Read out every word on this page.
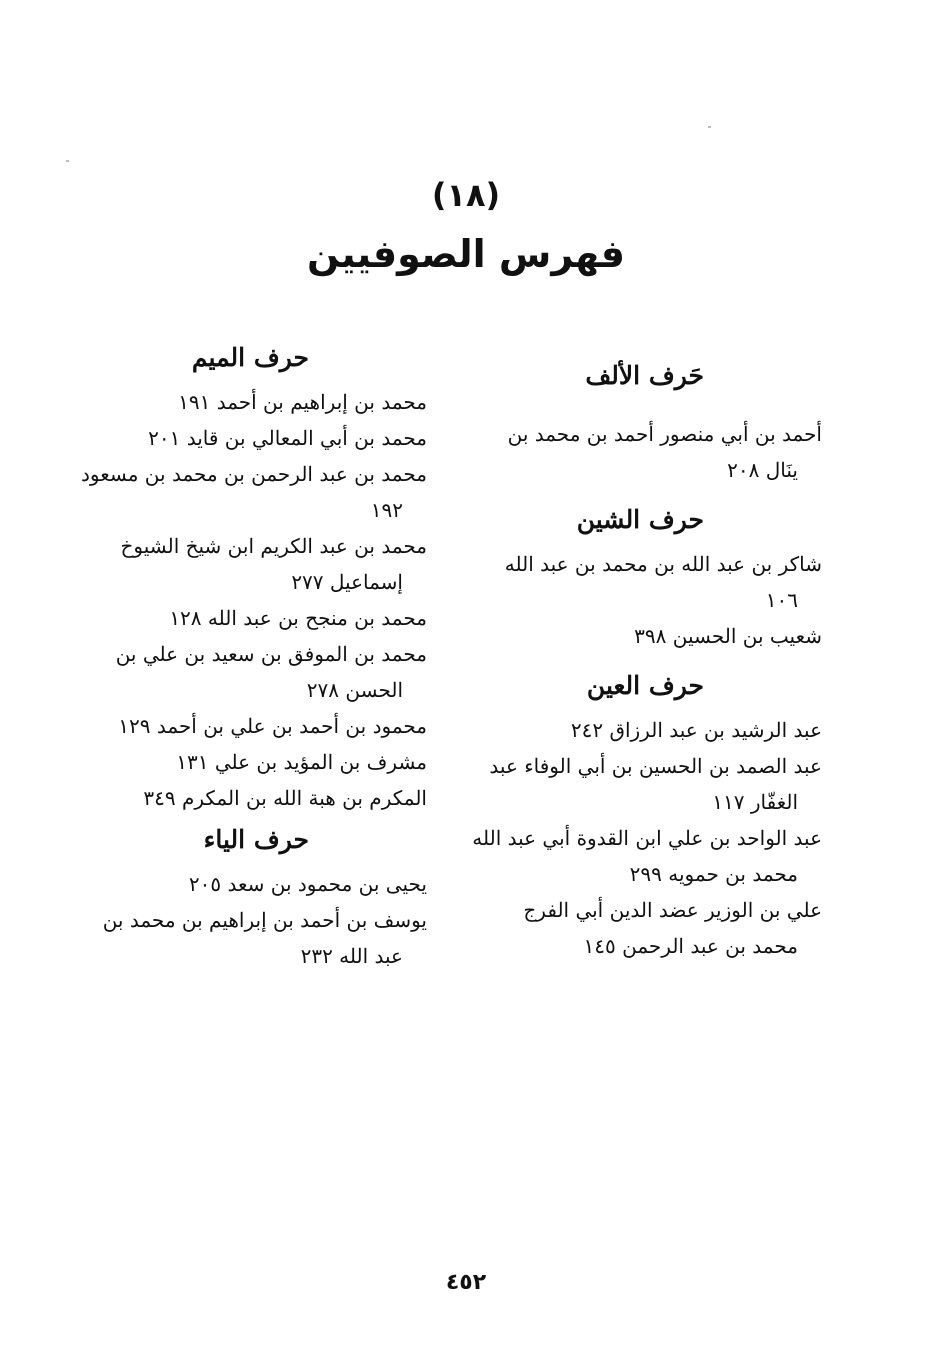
(١٨)
فهرس الصوفيين
حَرف الألف
أحمد بن أبي منصور أحمد بن محمد بن
ينَال ٢٠٨
حرف الشين
شاكر بن عبد الله بن محمد بن عبد الله
١٠٦
شعيب بن الحسين ٣٩٨
حرف العين
عبد الرشيد بن عبد الرزاق ٢٤٢
عبد الصمد بن الحسين بن أبي الوفاء عبد
الغفّار ١١٧
عبد الواحد بن علي ابن القدوة أبي عبد الله
محمد بن حمويه ٢٩٩
علي بن الوزير عضد الدين أبي الفرج
محمد بن عبد الرحمن ١٤٥
حرف الميم
محمد بن إبراهيم بن أحمد ١٩١
محمد بن أبي المعالي بن قايد ٢٠١
محمد بن عبد الرحمن بن محمد بن مسعود
١٩٢
محمد بن عبد الكريم ابن شيخ الشيوخ
إسماعيل ٢٧٧
محمد بن منجح بن عبد الله ١٢٨
محمد بن الموفق بن سعيد بن علي بن
الحسن ٢٧٨
محمود بن أحمد بن علي بن أحمد ١٢٩
مشرف بن المؤيد بن علي ١٣١
المكرم بن هبة الله بن المكرم ٣٤٩
حرف الياء
يحيى بن محمود بن سعد ٢٠٥
يوسف بن أحمد بن إبراهيم بن محمد بن
عبد الله ٢٣٢
٤٥٢
